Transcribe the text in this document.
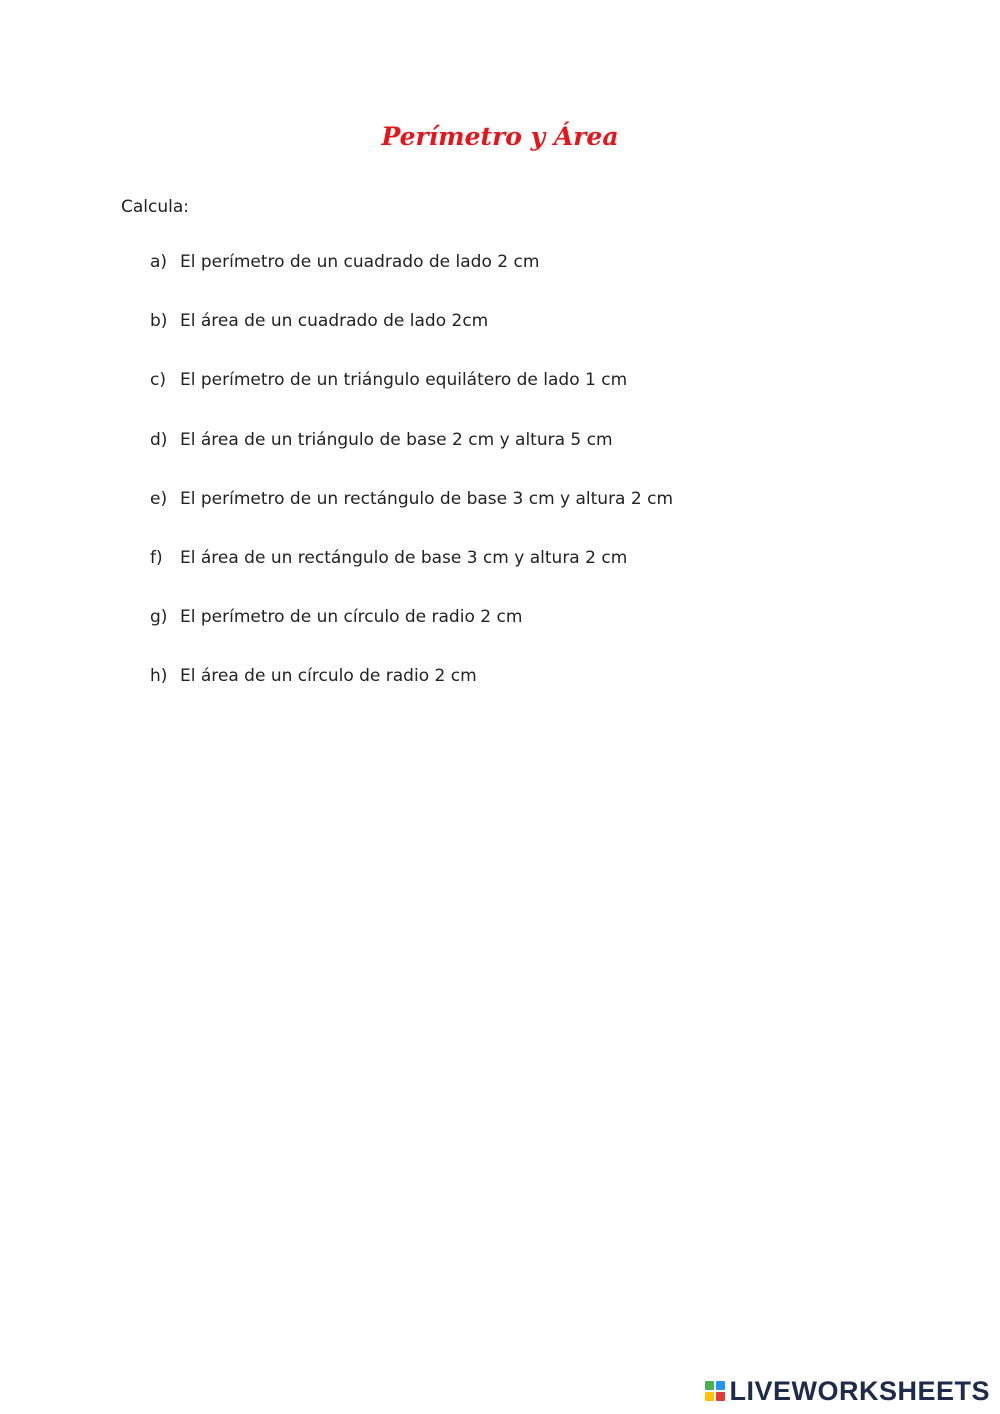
Perímetro y Área
Calcula:
a) El perímetro de un cuadrado de lado 2 cm
b) El área de un cuadrado de lado 2cm
c) El perímetro de un triángulo equilátero de lado 1 cm
d) El área de un triángulo de base 2 cm y altura 5 cm
e) El perímetro de un rectángulo de base 3 cm y altura 2 cm
f)	El área de un rectángulo de base 3 cm y altura 2 cm
g) El perímetro de un círculo de radio 2 cm
h) El área de un círculo de radio 2 cm
LIVEWORKSHEETS
